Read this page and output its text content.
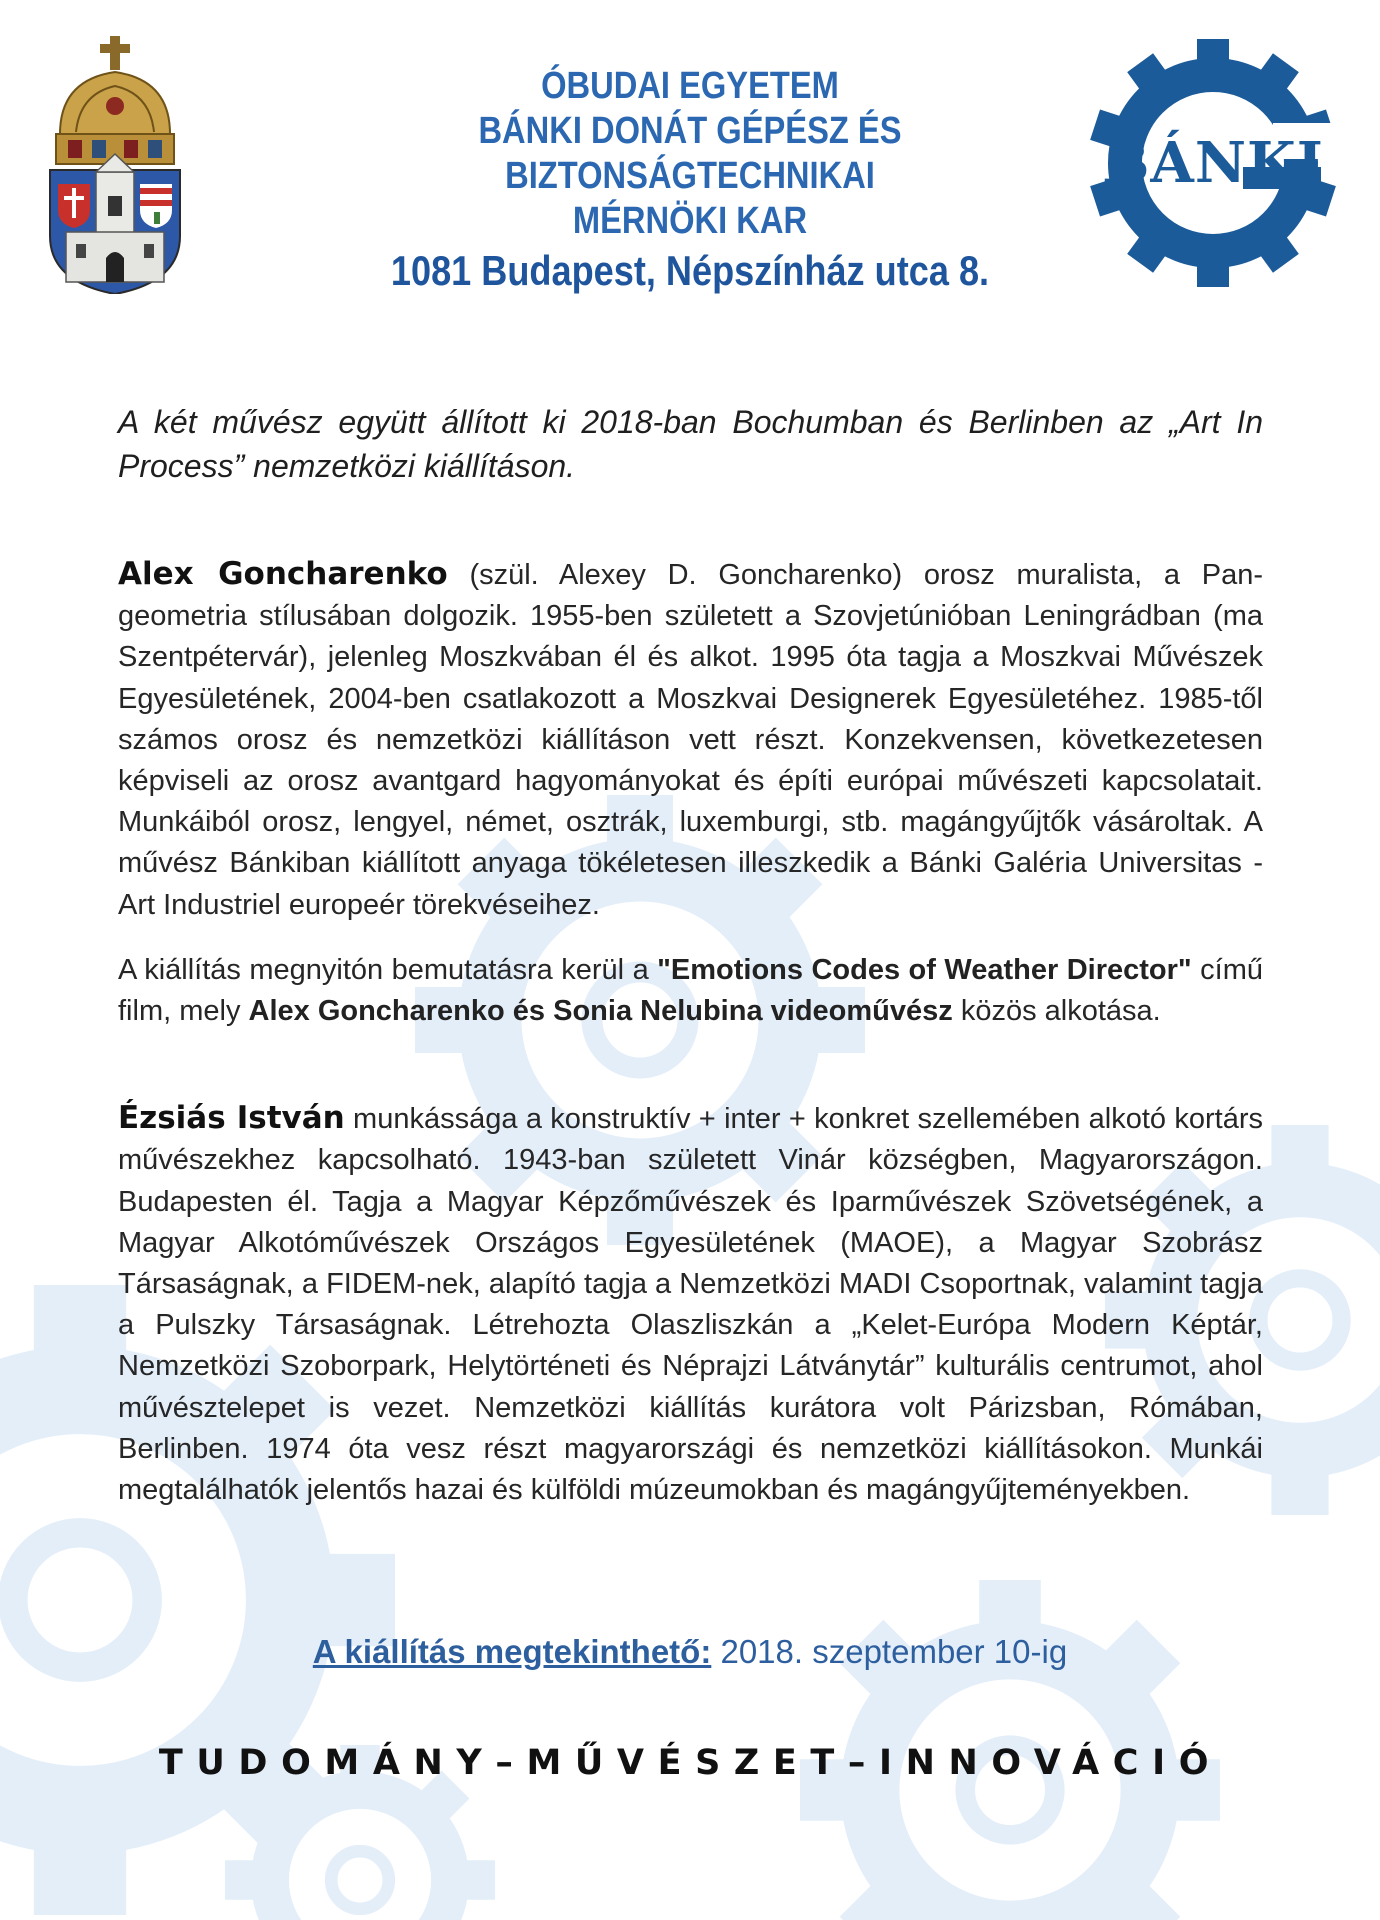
ÓBUDAI EGYETEM
BÁNKI DONÁT GÉPÉSZ ÉS
BIZTONSÁGTECHNIKAI
MÉRNÖKI KAR
1081 Budapest, Népszínház utca 8.
BÁNKI

A két művész együtt állított ki 2018-ban Bochumban és Berlinben az „Art In Process” nemzetközi kiállításon.

Alex Goncharenko (szül. Alexey D. Goncharenko) orosz muralista, a Pan-geometria stílusában dolgozik. 1955-ben született a Szovjetúnióban Leningrádban (ma Szentpétervár), jelenleg Moszkvában él és alkot. 1995 óta tagja a Moszkvai Művészek Egyesületének, 2004-ben csatlakozott a Moszkvai Designerek Egyesületéhez. 1985-től számos orosz és nemzetközi kiállításon vett részt. Konzekvensen, következetesen képviseli az orosz avantgard hagyományokat és építi európai művészeti kapcsolatait. Munkáiból orosz, lengyel, német, osztrák, luxemburgi, stb. magángyűjtők vásároltak. A művész Bánkiban kiállított anyaga tökéletesen illeszkedik a Bánki Galéria Universitas - Art Industriel europeér törekvéseihez.

A kiállítás megnyitón bemutatásra kerül a "Emotions Codes of Weather Director" című film, mely Alex Goncharenko és Sonia Nelubina videoművész közös alkotása.

Ézsiás István munkássága a konstruktív + inter + konkret szellemében alkotó kortárs művészekhez kapcsolható. 1943-ban született Vinár községben, Magyarországon. Budapesten él. Tagja a Magyar Képzőművészek és Iparművészek Szövetségének, a Magyar Alkotóművészek Országos Egyesületének (MAOE), a Magyar Szobrász Társaságnak, a FIDEM-nek, alapító tagja a Nemzetközi MADI Csoportnak, valamint tagja a Pulszky Társaságnak. Létrehozta Olaszliszkán a „Kelet-Európa Modern Képtár, Nemzetközi Szoborpark, Helytörténeti és Néprajzi Látványtár” kulturális centrumot, ahol művésztelepet is vezet. Nemzetközi kiállítás kurátora volt Párizsban, Rómában, Berlinben. 1974 óta vesz részt magyarországi és nemzetközi kiállításokon. Munkái megtalálhatók jelentős hazai és külföldi múzeumokban és magángyűjteményekben.

A kiállítás megtekinthető: 2018. szeptember 10-ig
TUDOMÁNY–MŰVÉSZET–INNOVÁCIÓ
